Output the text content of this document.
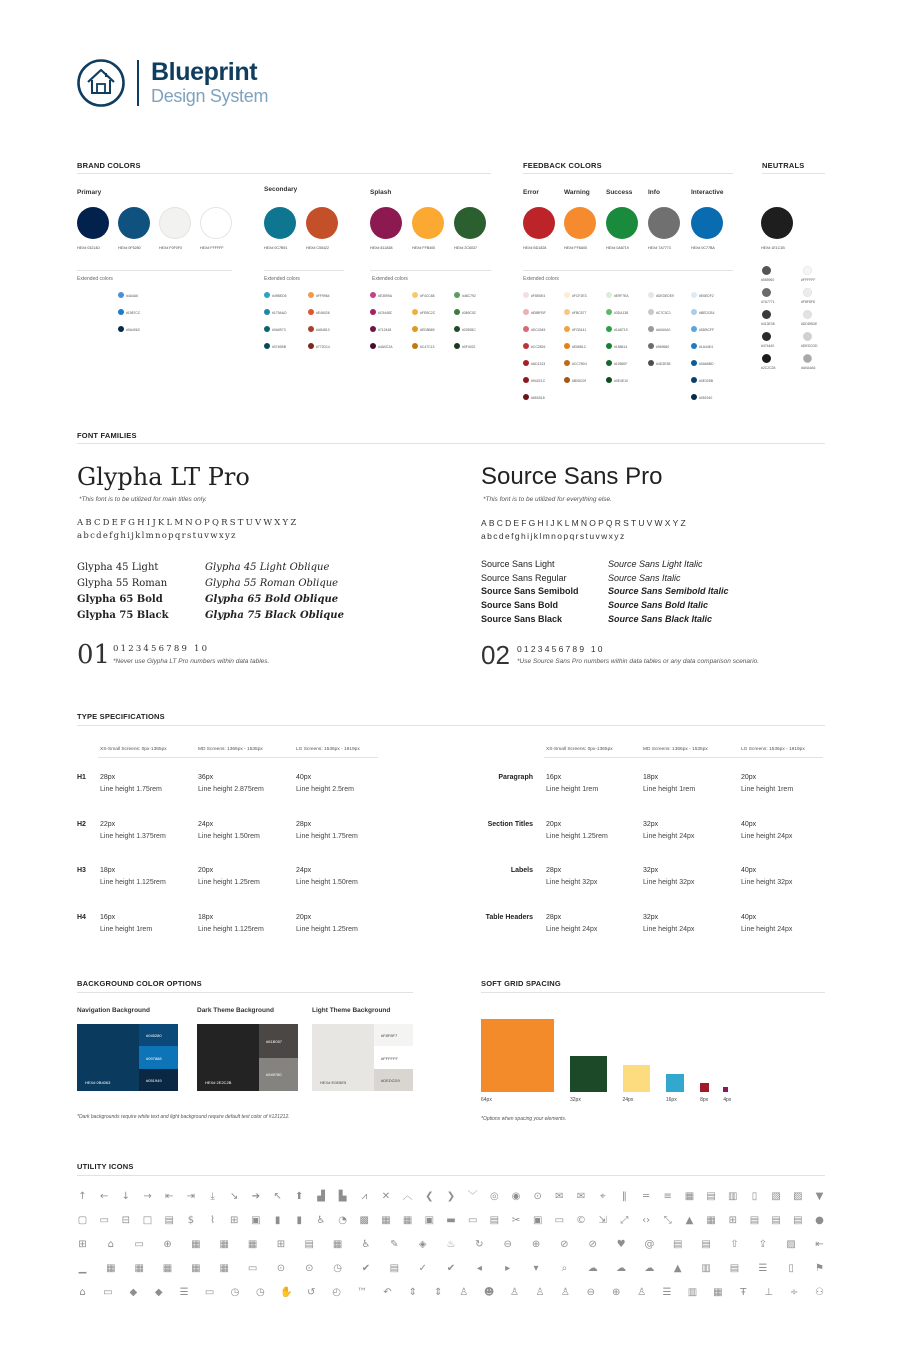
Blueprint
Design System
BRAND COLORS	FEEDBACK COLORS	NEUTRALS
Primary
HEX# 03214D	HEX# 0F5280	HEX# F0F0F0	HEX# FFFFFF
Extended colors
#4A4A6
#1987CC
#0A4063
Secondary
HEX# 0C7B91	HEX# C55422
Extended colors
#49BED6	#FF9964
#179AAD	#E46026
#0A6973	#A84810
#074B5B	#772D14
Splash
HEX# 811A58	HEX# FFB400	HEX# 2C6037
Extended colors
#E3599A	#F4CC68	#46C792
#C9448C	#FEBC2C	#369C52
#712448	#ED8B69	#20535C
#4A0C2A	#C47C13	#0F4022
Error
HEX# BD1828
#F8E6E4
#E8BFBF
#DC4345
#CC2826
#AD1313
#941E1C
#651B18
Warning
HEX# FF8A00
#FCF2E3
#FBC577
#FCB141
#E6881C
#CC7B04
#B05C09
Success
HEX# 0A8719
#E9F7EA
#3DA138
#1A8719
#158614
#10560F
#0E4E10
Info
HEX# 7A7773
#DEDEDE9
#C7C3C1
#A0A0A0
#969680
#4D3E3B
Interactive
HEX# 0C77BA
#E6EDF2
#BEDCB4
#5DBCFF
#1A44E4
#0A66BD
#0E328B
#051940
Extended colors
HEX# 1E1C1B
#555960	#FFFFFF
#7A7771	#F8F8F8
#413E38	#DDDBDE
#474440	#DEDCDD
#2C2C28	#A0A4A6
FONT FAMILIES
Glypha LT Pro
*This font is to be utilized for main titles only.
ABCDEFGHIJKLMNOPQRSTUVWXYZ
abcdefghijklmnopqrstuvwxyz
Glypha 45 Light	Glypha 45 Light Oblique
Glypha 55 Roman	Glypha 55 Roman Oblique
Glypha 65 Bold	Glypha 65 Bold Oblique
Glypha 75 Black	Glypha 75 Black Oblique
01 0123456789 10
*Never use Glypha LT Pro numbers within data tables.
Source Sans Pro
*This font is to be utilized for everything else.
ABCDEFGHIJKLMNOPQRSTUVWXYZ
abcdefghijklmnopqrstuvwxyz
Source Sans Light	Source Sans Light Italic
Source Sans Regular	Source Sans Italic
Source Sans Semibold	Source Sans Semibold Italic
Source Sans Bold	Source Sans Bold Italic
Source Sans Black	Source Sans Black Italic
02 0123456789 10
*Use Source Sans Pro numbers within data tables or any data comparison scenario.
TYPE SPECIFICATIONS
XS-Small Screens: 0px-1365px	MD Screens: 1366px - 1535px	LG Screens: 1536px - 1919px
H1 28px
Line height 1.75rem
36px
Line height 2.875rem
40px
Line height 2.5rem
H2 22px
Line height 1.375rem
24px
Line height 1.50rem
28px
Line height 1.75rem
H3 18px
Line height 1.125rem
20px
Line height 1.25rem
24px
Line height 1.50rem
H4 16px
Line height 1rem
18px
Line height 1.125rem
20px
Line height 1.25rem
XS-Small Screens: 0px-1365px	MD Screens: 1366px - 1535px	LG Screens: 1536px - 1919px
Paragraph 16px
Line height 1rem
18px
Line height 1rem
20px
Line height 1rem
Section Titles 20px
Line height 1.25rem
32px
Line height 24px
40px
Line height 24px
Labels 28px
Line height 32px
32px
Line height 32px
40px
Line height 32px
Table Headers 28px
Line height 24px
32px
Line height 24px
40px
Line height 24px
BACKGROUND COLOR OPTIONS
Navigation Background
HEX# 0B4063
#045280
#097888
#051949
Dark Theme Background
HEX# 2E2C2B
#61B057
#949780
Light Theme Background
HEX# E0E8E5
#F8F8F7
#FFFFFF
#DEDCD9
*Dark backgrounds require white text and light background require default text color of #121212.
SOFT GRID SPACING
64px	32px	24px	16px	8px	4px
*Options when spacing your elements.
UTILITY ICONS
↑ ← ↓ → ⇤ ⇥	⤓	↘ ➔ ↖ ⬆ ▟ ▙ ⩘ ✕ ︿ ❮ ❯ ﹀ ◎ ◉ ⊙ ✉ ✉ ⌖	‖	═ ≡ ▦ ▤ ▥ ▯ ▧ ▨ ▼
▢ ▭ ⊟ □ ▤ $	⌇	⊞ ▣ ▮ ▮ ♿ ◔ ▩ ▦ ▦ ▣ ▬ ▭ ▤ ✂ ▣ ▭ © ⇲ ⤢ ‹› ⤡ ▲ ▦ ⊞ ▤ ▤ ▤ ●
⊞ ⌂ ▭ ⊕ ▦ ▦ ▦ ⊞ ▤ ▦ ♿ ✎ ◈ ♨ ↻ ⊖ ⊕ ⊘ ⊘ ♥ @ ▤ ▤ ⇧ ⇪ ▨ ⇤
▁ ▦ ▦ ▦ ▦ ▦ ▭ ⊙ ⊙ ◷ ✔ ▤ ✓ ✔ ◂ ▸ ▾ ⌕ ☁ ☁ ☁ ▲ ▥ ▤ ☰ ▯ ⚑
⌂ ▭ ◆ ◆ ☰ ▭ ◷ ◷ ✋ ↺ ◴ ™ ↶ ⇕ ⇕ ♙ ☻ ♙ ♙ ♙ ⊖ ⊕ ♙ ☰ ▥ ▦ Ŧ ⊥ ÷ ⚇
